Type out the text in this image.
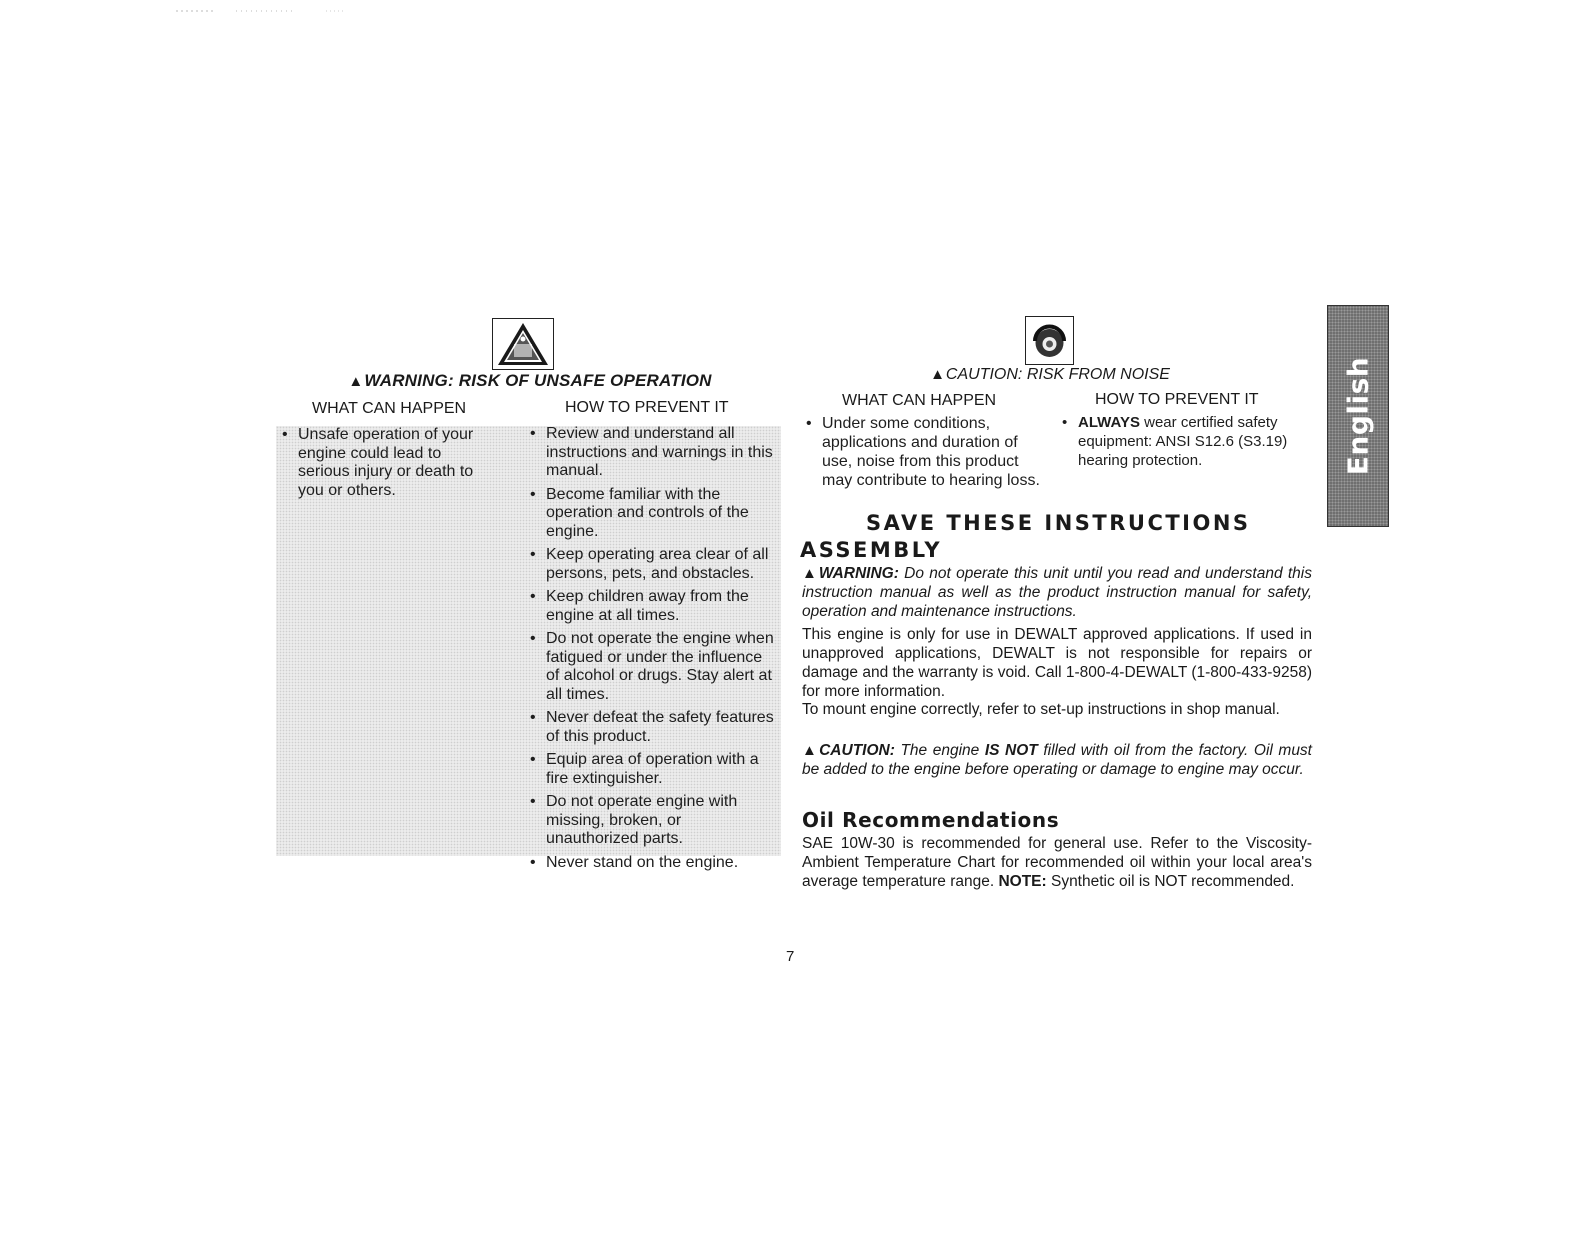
▲WARNING: RISK OF UNSAFE OPERATION
WHAT CAN HAPPEN	HOW TO PREVENT IT
• Unsafe operation of your engine could lead to serious injury or death to you or others.
• Review and understand all instructions and warnings in this manual.
• Become familiar with the operation and controls of the engine.
• Keep operating area clear of all persons, pets, and obstacles.
• Keep children away from the engine at all times.
• Do not operate the engine when fatigued or under the influence of alcohol or drugs. Stay alert at all times.
• Never defeat the safety features of this product.
• Equip area of operation with a fire extinguisher.
• Do not operate engine with missing, broken, or unauthorized parts.
• Never stand on the engine.
▲CAUTION: RISK FROM NOISE
WHAT CAN HAPPEN	HOW TO PREVENT IT
• Under some conditions, applications and duration of use, noise from this product may contribute to hearing loss.
• ALWAYS wear certified safety equipment: ANSI S12.6 (S3.19) hearing protection.
SAVE THESE INSTRUCTIONS
ASSEMBLY
▲WARNING: Do not operate this unit until you read and understand this instruction manual as well as the product instruction manual for safety, operation and maintenance instructions.
This engine is only for use in DEWALT approved applications. If used in unapproved applications, DEWALT is not responsible for repairs or damage and the warranty is void. Call 1-800-4-DEWALT (1-800-433-9258) for more information.
To mount engine correctly, refer to set-up instructions in shop manual.
▲CAUTION: The engine IS NOT filled with oil from the factory. Oil must be added to the engine before operating or damage to engine may occur.
Oil Recommendations
SAE 10W-30 is recommended for general use. Refer to the Viscosity-Ambient Temperature Chart for recommended oil within your local area's average temperature range. NOTE: Synthetic oil is NOT recommended.
English
7
